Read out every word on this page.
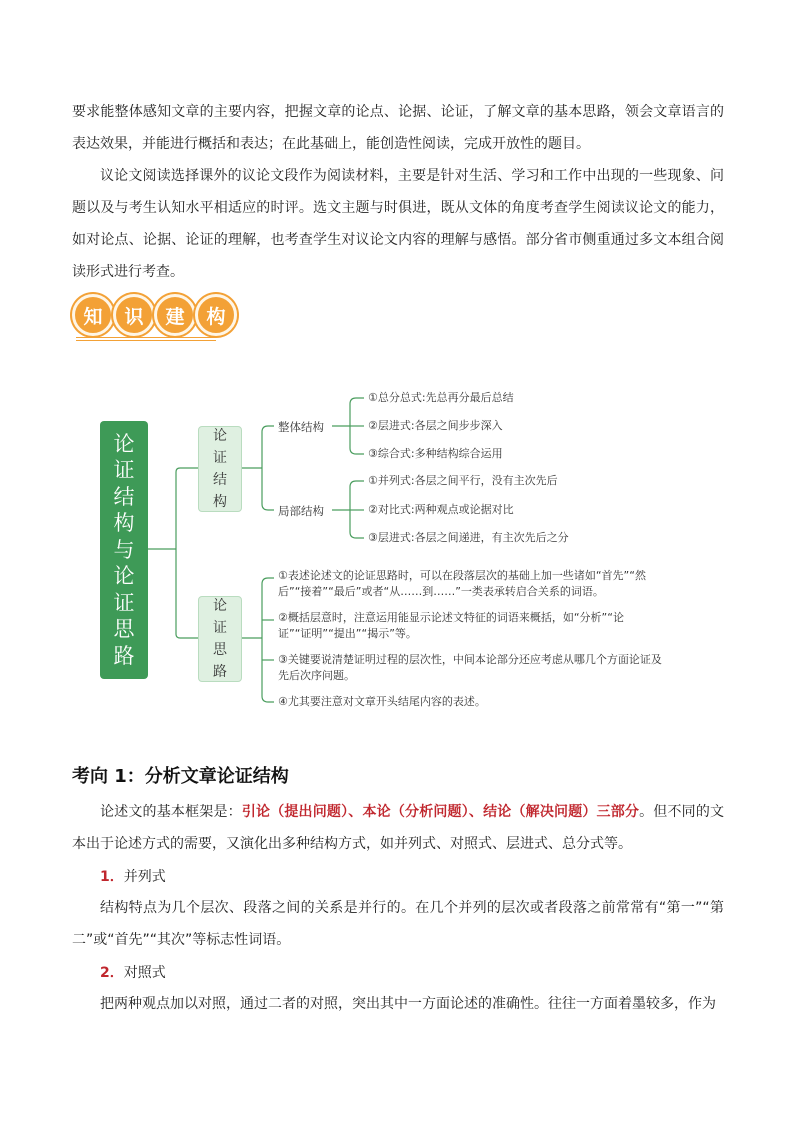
要求能整体感知文章的主要内容，把握文章的论点、论据、论证，了解文章的基本思路，领会文章语言的表达效果，并能进行概括和表达；在此基础上，能创造性阅读，完成开放性的题目。
议论文阅读选择课外的议论文段作为阅读材料，主要是针对生活、学习和工作中出现的一些现象、问题以及与考生认知水平相适应的时评。选文主题与时俱进，既从文体的角度考查学生阅读议论文的能力，如对论点、论据、论证的理解，也考查学生对议论文内容的理解与感悟。部分省市侧重通过多文本组合阅读形式进行考查。
知	识	建	构
论证结构与论证思路
论证结构
论证思路
整体结构
局部结构
①总分总式:先总再分最后总结
②层进式:各层之间步步深入
③综合式:多种结构综合运用
①并列式:各层之间平行，没有主次先后
②对比式:两种观点或论据对比
③层进式:各层之间递进，有主次先后之分
①表述论述文的论证思路时，可以在段落层次的基础上加一些诸如“首先”“然
后”“接着”“最后”或者“从……到……”一类表承转启合关系的词语。
②概括层意时，注意运用能显示论述文特征的词语来概括，如“分析”“论
证”“证明”“提出”“揭示”等。
③关键要说清楚证明过程的层次性，中间本论部分还应考虑从哪几个方面论证及
先后次序问题。
④尤其要注意对文章开头结尾内容的表述。
考向 1：分析文章论证结构
论述文的基本框架是：引论（提出问题）、本论（分析问题）、结论（解决问题）三部分。但不同的文本出于论述方式的需要，又演化出多种结构方式，如并列式、对照式、层进式、总分式等。
1．并列式
结构特点为几个层次、段落之间的关系是并行的。在几个并列的层次或者段落之前常常有“第一”“第二”或“首先”“其次”等标志性词语。
2．对照式
把两种观点加以对照，通过二者的对照，突出其中一方面论述的准确性。往往一方面着墨较多，作为
